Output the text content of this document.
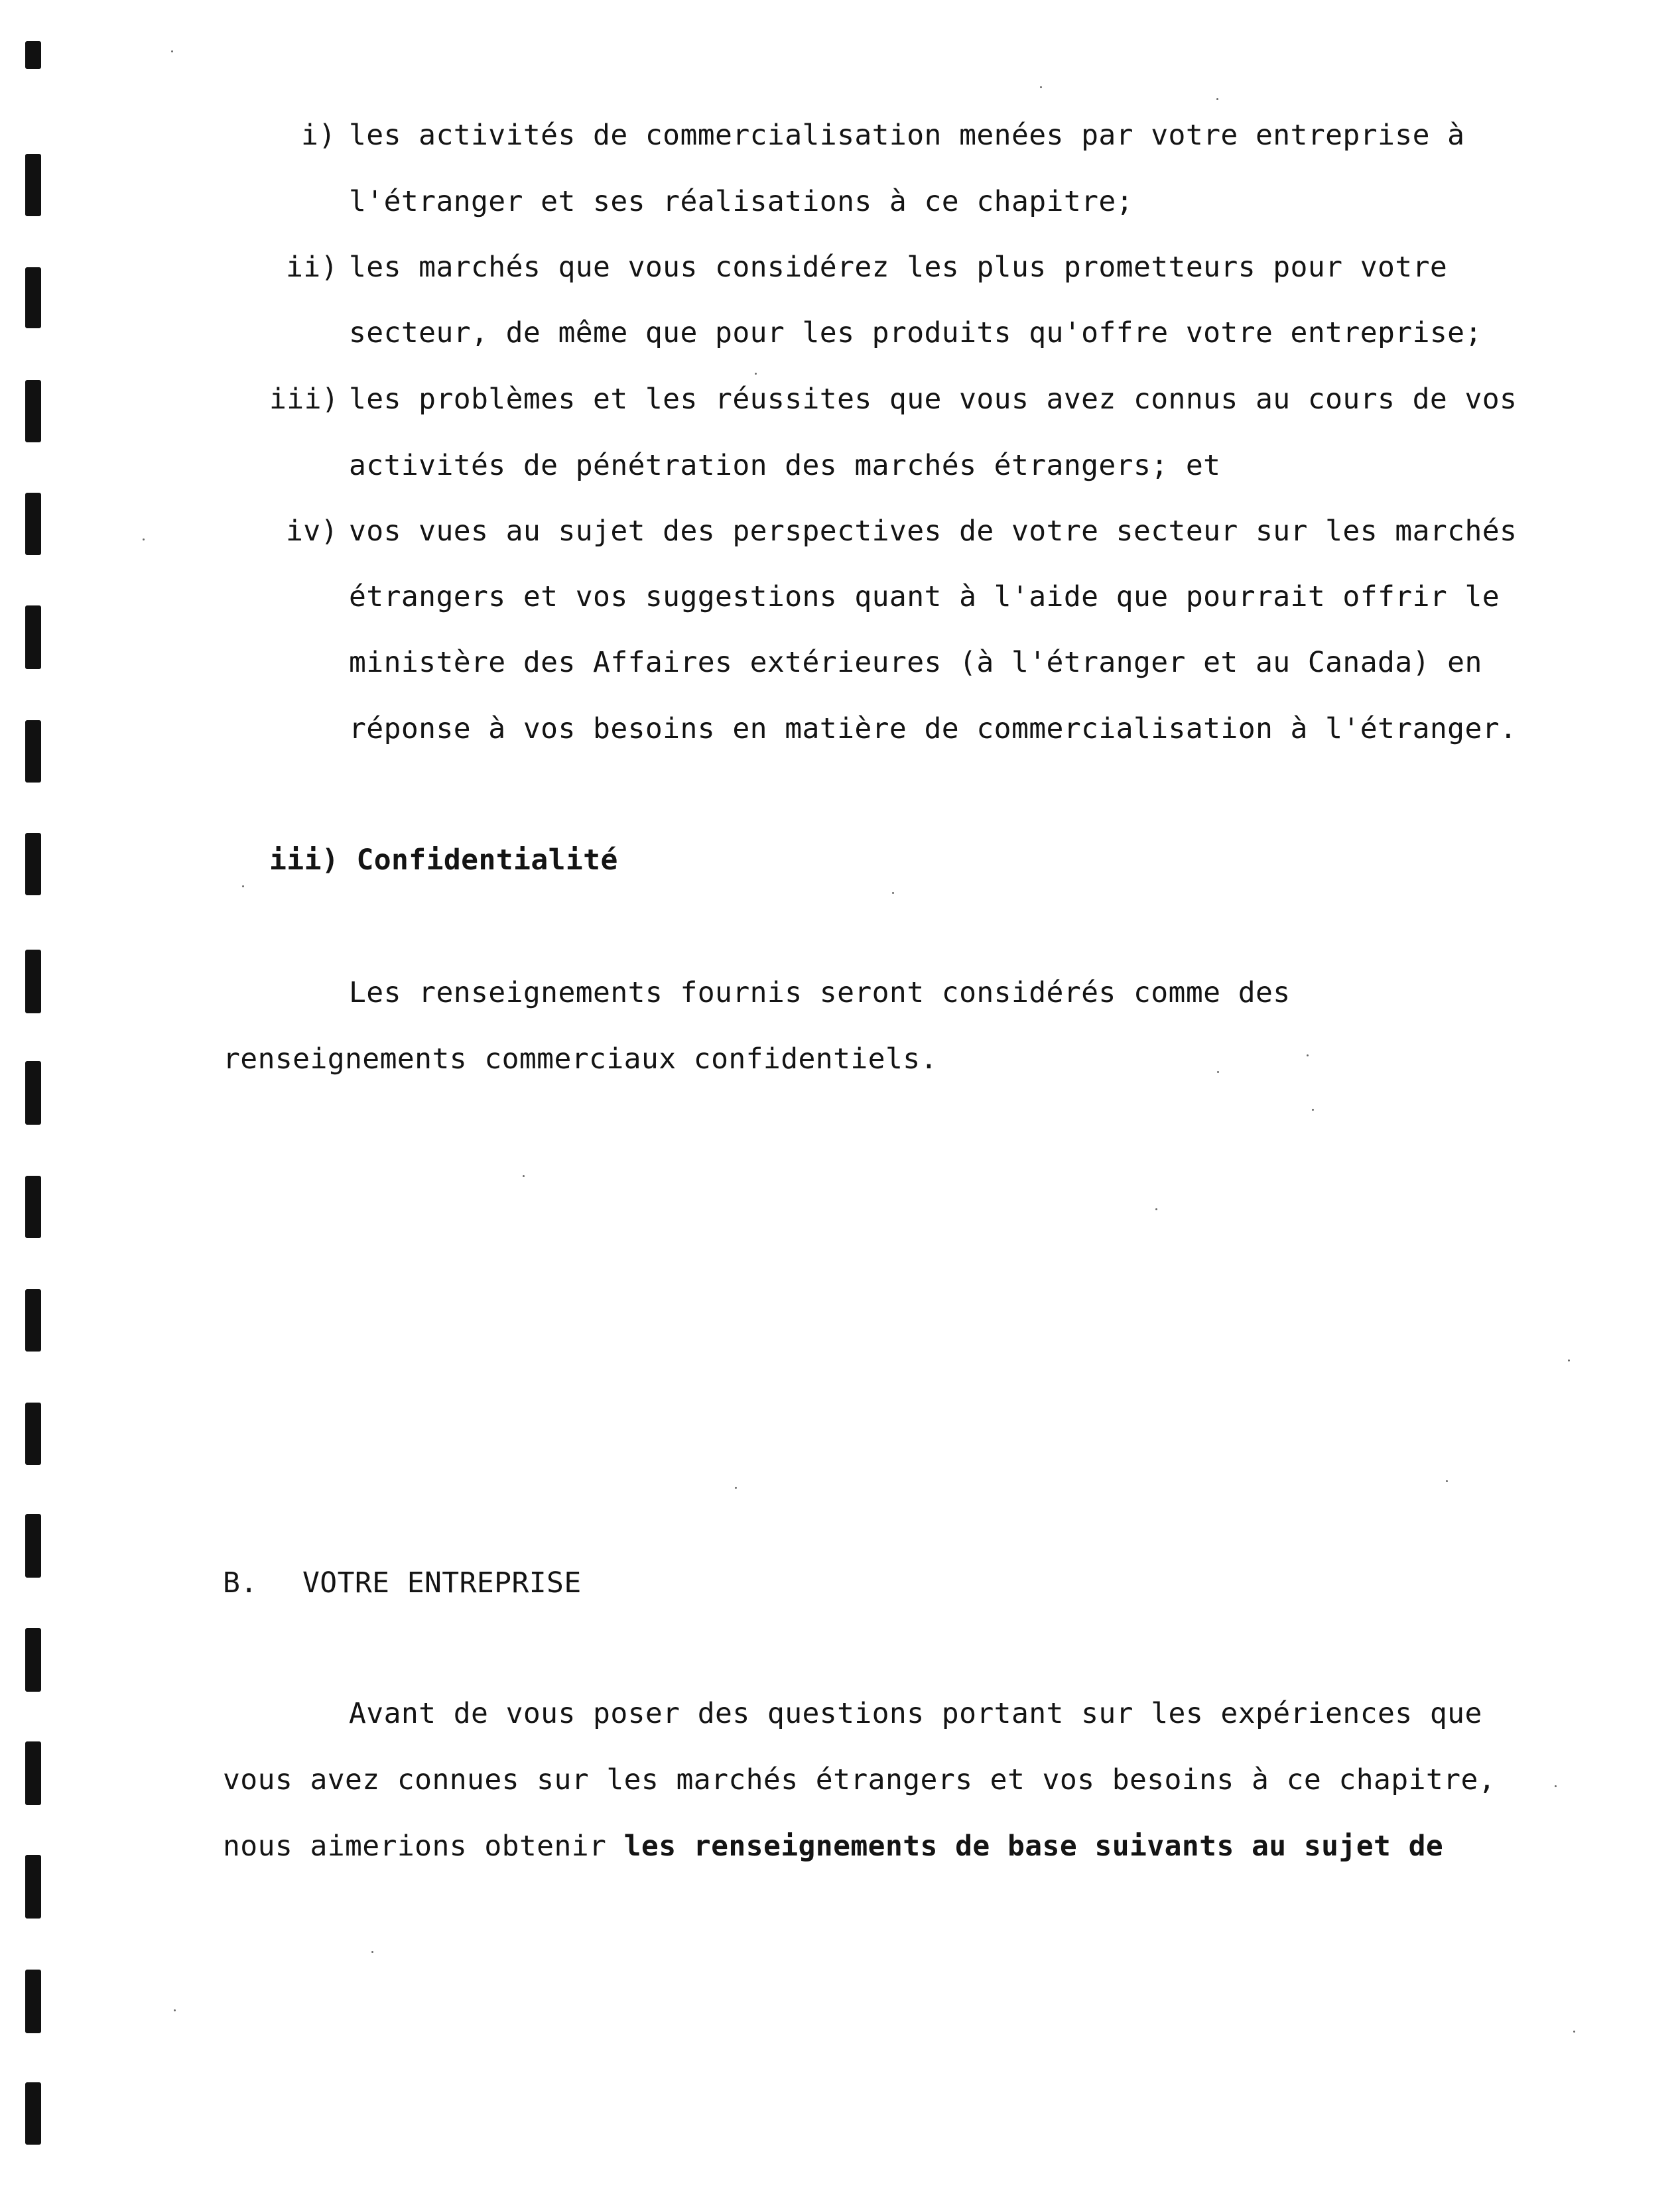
i) les activités de commercialisation menées par votre entreprise à
l'étranger et ses réalisations à ce chapitre;
ii) les marchés que vous considérez les plus prometteurs pour votre
secteur, de même que pour les produits qu'offre votre entreprise;
iii) les problèmes et les réussites que vous avez connus au cours de vos
activités de pénétration des marchés étrangers; et
iv) vos vues au sujet des perspectives de votre secteur sur les marchés
étrangers et vos suggestions quant à l'aide que pourrait offrir le
ministère des Affaires extérieures (à l'étranger et au Canada) en
réponse à vos besoins en matière de commercialisation à l'étranger.
iii) Confidentialité
Les renseignements fournis seront considérés comme des
renseignements commerciaux confidentiels.
B. VOTRE ENTREPRISE
Avant de vous poser des questions portant sur les expériences que
vous avez connues sur les marchés étrangers et vos besoins à ce chapitre,
nous aimerions obtenir les renseignements de base suivants au sujet de
